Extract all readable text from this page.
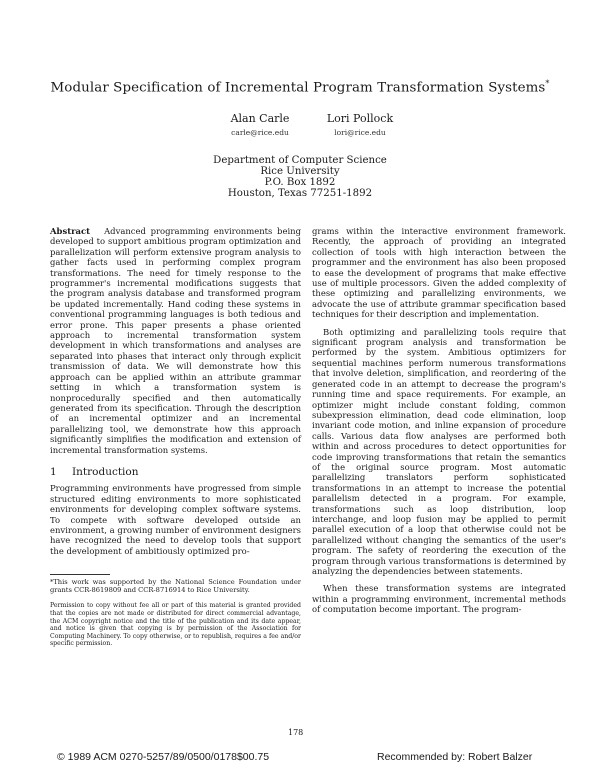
Modular Specification of Incremental Program Transformation Systems*
Alan Carle
carle@rice.edu
Lori Pollock
lori@rice.edu
Department of Computer Science
Rice University
P.O. Box 1892
Houston, Texas 77251-1892

Abstract Advanced programming environments being developed to support ambitious program optimization and parallelization will perform extensive program analysis to gather facts used in performing complex program transformations. The need for timely response to the programmer's incremental modifications suggests that the program analysis database and transformed program be updated incrementally. Hand coding these systems in conventional programming languages is both tedious and error prone. This paper presents a phase oriented approach to incremental transformation system development in which transformations and analyses are separated into phases that interact only through explicit transmission of data. We will demonstrate how this approach can be applied within an attribute grammar setting in which a transformation system is nonprocedurally specified and then automatically generated from its specification. Through the description of an incremental optimizer and an incremental parallelizing tool, we demonstrate how this approach significantly simplifies the modification and extension of incremental transformation systems.

1 Introduction

Programming environments have progressed from simple structured editing environments to more sophisticated environments for developing complex software systems. To compete with software developed outside an environment, a growing number of environment designers have recognized the need to develop tools that support the development of ambitiously optimized pro-

*This work was supported by the National Science Foundation under grants CCR-8619809 and CCR-8716914 to Rice University.
Permission to copy without fee all or part of this material is granted provided that the copies are not made or distributed for direct commercial advantage, the ACM copyright notice and the title of the publication and its date appear, and notice is given that copying is by permission of the Association for Computing Machinery. To copy otherwise, or to republish, requires a fee and/or specific permission.

grams within the interactive environment framework. Recently, the approach of providing an integrated collection of tools with high interaction between the programmer and the environment has also been proposed to ease the development of programs that make effective use of multiple processors. Given the added complexity of these optimizing and parallelizing environments, we advocate the use of attribute grammar specification based techniques for their description and implementation.

Both optimizing and parallelizing tools require that significant program analysis and transformation be performed by the system. Ambitious optimizers for sequential machines perform numerous transformations that involve deletion, simplification, and reordering of the generated code in an attempt to decrease the program's running time and space requirements. For example, an optimizer might include constant folding, common subexpression elimination, dead code elimination, loop invariant code motion, and inline expansion of procedure calls. Various data flow analyses are performed both within and across procedures to detect opportunities for code improving transformations that retain the semantics of the original source program. Most automatic parallelizing translators perform sophisticated transformations in an attempt to increase the potential parallelism detected in a program. For example, transformations such as loop distribution, loop interchange, and loop fusion may be applied to permit parallel execution of a loop that otherwise could not be parallelized without changing the semantics of the user's program. The safety of reordering the execution of the program through various transformations is determined by analyzing the dependencies between statements.

When these transformation systems are integrated within a programming environment, incremental methods of computation become important. The program-

178
© 1989 ACM 0270-5257/89/0500/0178$00.75	Recommended by: Robert Balzer
